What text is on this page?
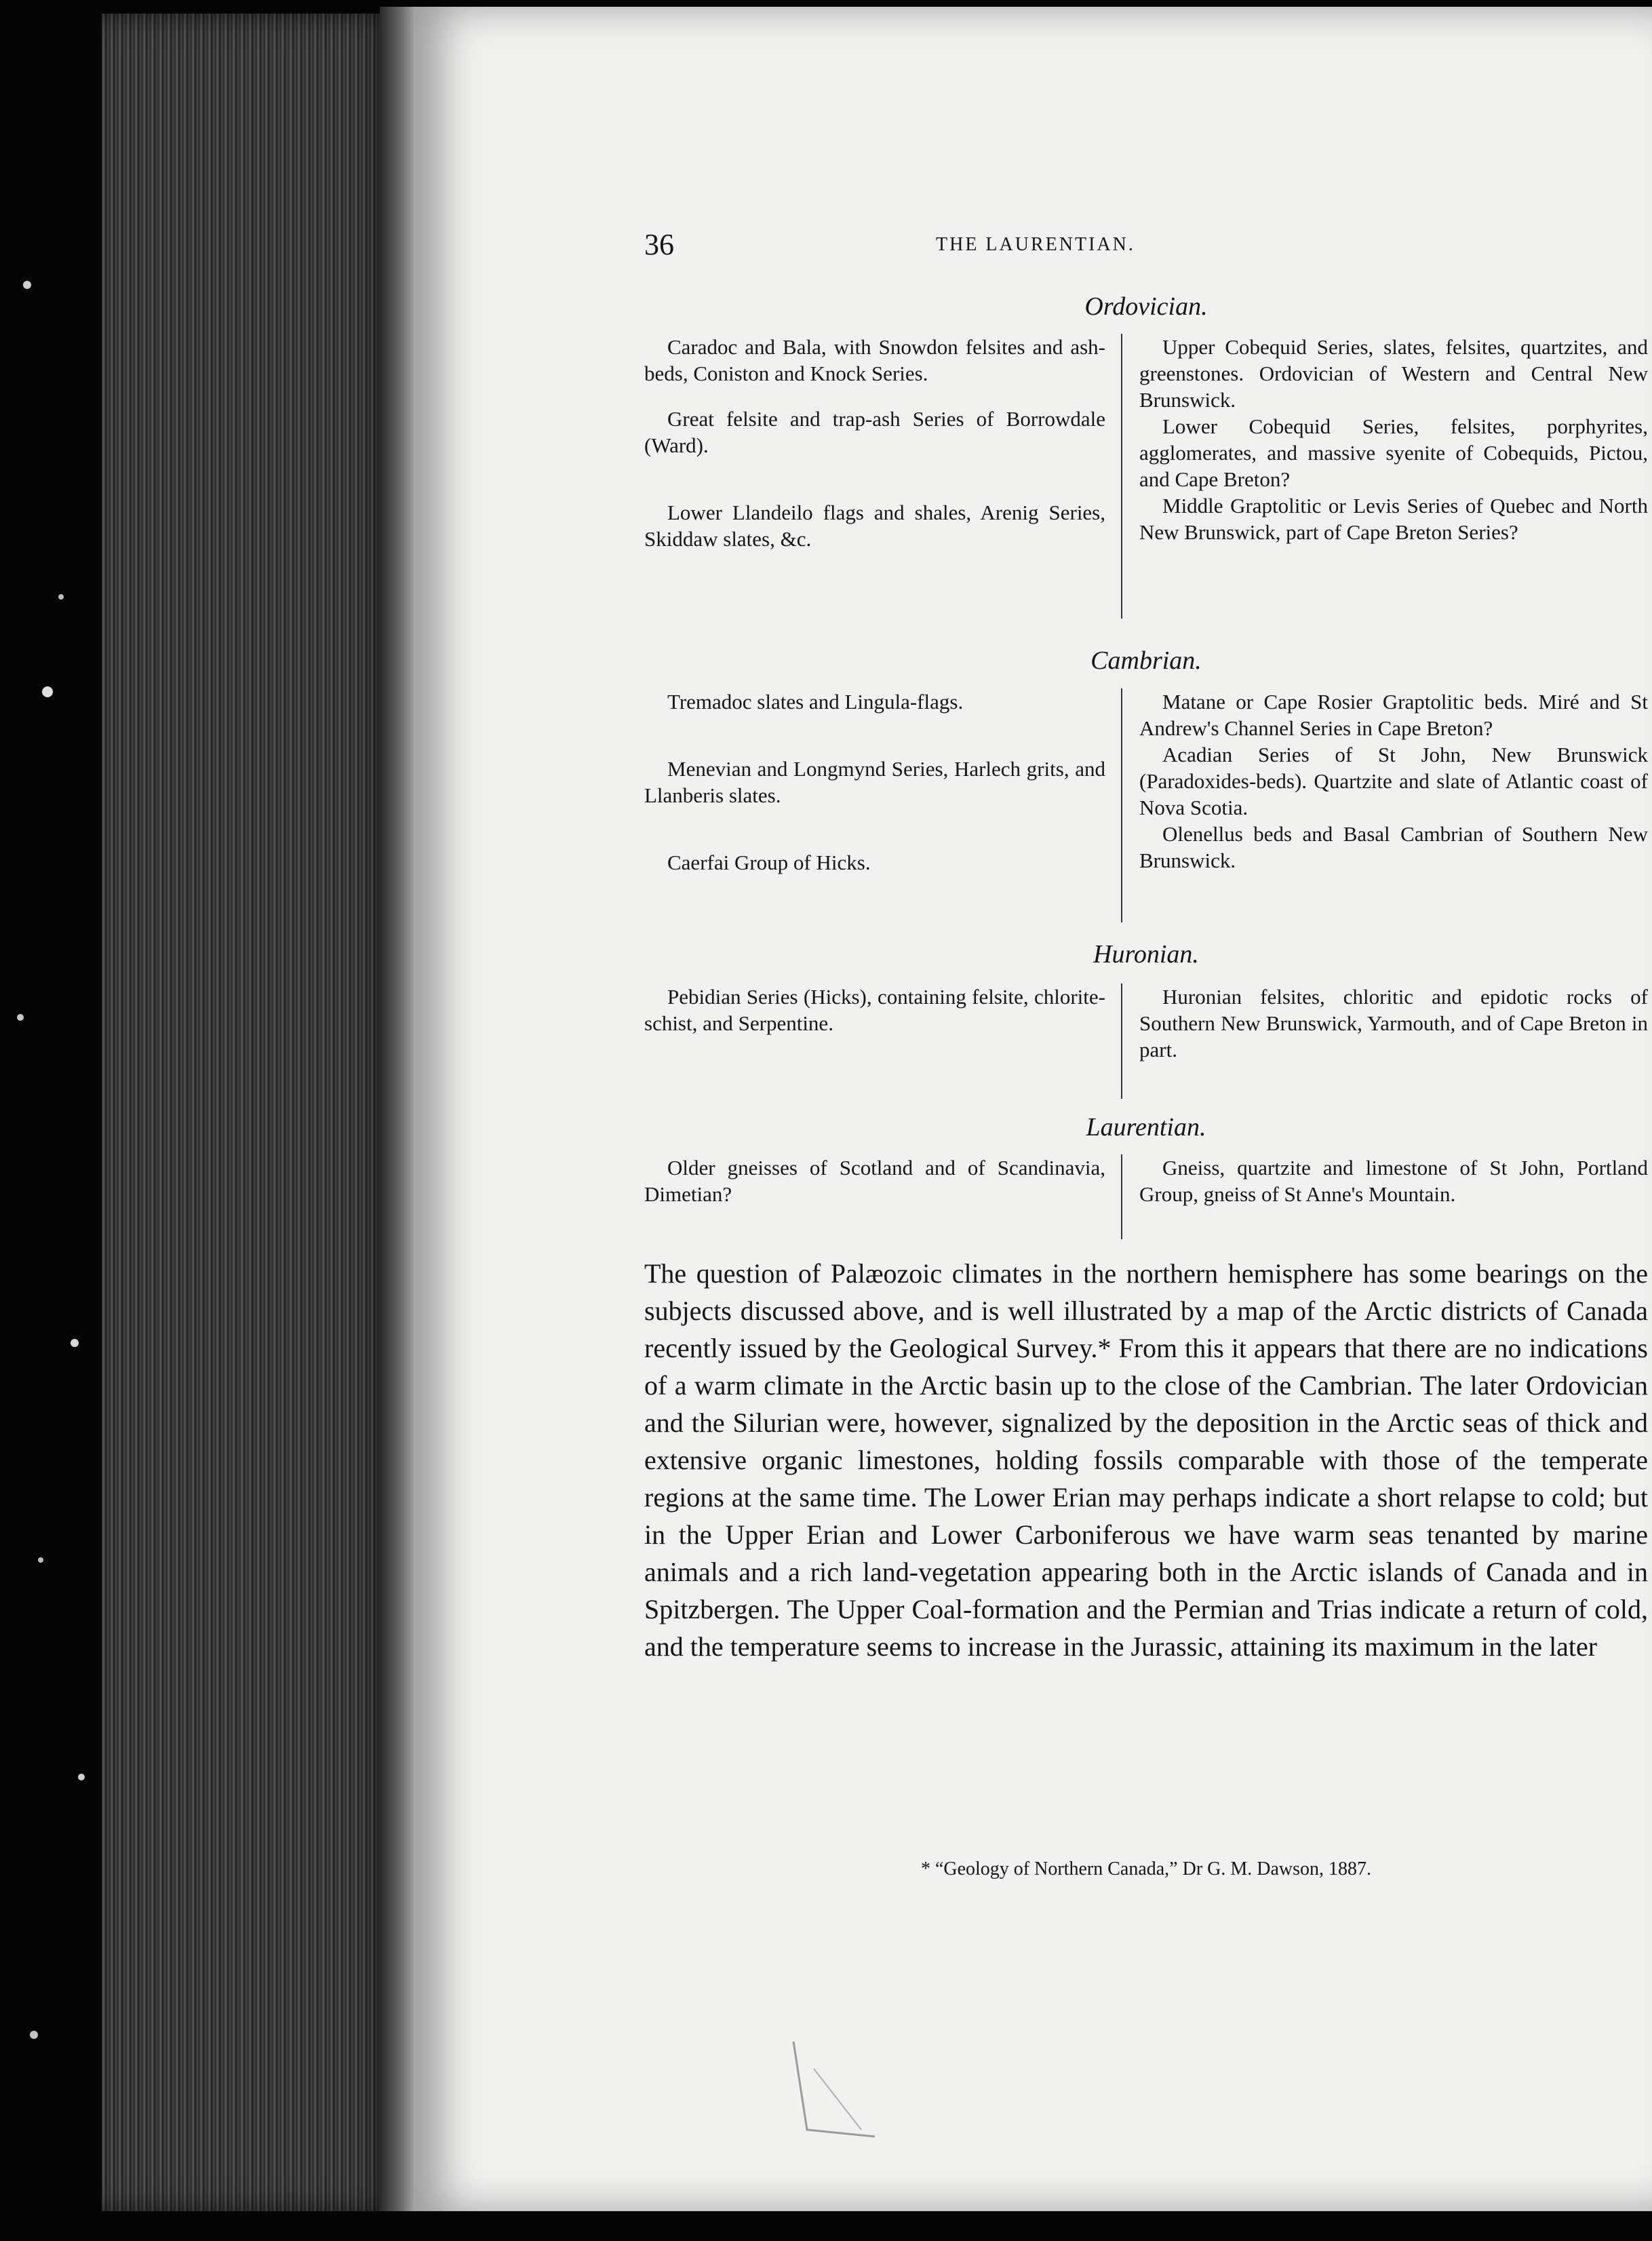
36	THE LAURENTIAN.
Ordovician.

Caradoc and Bala, with Snowdon felsites and ash-beds, Coniston and Knock Series.

Great felsite and trap-ash Series of Borrowdale (Ward).

Lower Llandeilo flags and shales, Arenig Series, Skiddaw slates, &c.

Upper Cobequid Series, slates, felsites, quartzites, and greenstones. Ordovician of Western and Central New Brunswick.

Lower Cobequid Series, felsites, porphyrites, agglomerates, and massive syenite of Cobequids, Pictou, and Cape Breton?

Middle Graptolitic or Levis Series of Quebec and North New Brunswick, part of Cape Breton Series?

Cambrian.

Tremadoc slates and Lingula-flags.

Menevian and Longmynd Series, Harlech grits, and Llanberis slates.

Caerfai Group of Hicks.

Matane or Cape Rosier Graptolitic beds. Miré and St Andrew's Channel Series in Cape Breton?

Acadian Series of St John, New Brunswick (Paradoxides-beds). Quartzite and slate of Atlantic coast of Nova Scotia.

Olenellus beds and Basal Cambrian of Southern New Brunswick.

Huronian.

Pebidian Series (Hicks), containing felsite, chlorite-schist, and Serpentine.

Huronian felsites, chloritic and epidotic rocks of Southern New Brunswick, Yarmouth, and of Cape Breton in part.

Laurentian.

Older gneisses of Scotland and of Scandinavia, Dimetian?

Gneiss, quartzite and limestone of St John, Portland Group, gneiss of St Anne's Mountain.

The question of Palæozoic climates in the northern hemisphere has some bearings on the subjects discussed above, and is well illustrated by a map of the Arctic districts of Canada recently issued by the Geological Survey.* From this it appears that there are no indications of a warm climate in the Arctic basin up to the close of the Cambrian. The later Ordovician and the Silurian were, however, signalized by the deposition in the Arctic seas of thick and extensive organic limestones, holding fossils comparable with those of the temperate regions at the same time. The Lower Erian may perhaps indicate a short relapse to cold; but in the Upper Erian and Lower Carboniferous we have warm seas tenanted by marine animals and a rich land-vegetation appearing both in the Arctic islands of Canada and in Spitzbergen. The Upper Coal-formation and the Permian and Trias indicate a return of cold, and the temperature seems to increase in the Jurassic, attaining its maximum in the later

* “Geology of Northern Canada,” Dr G. M. Dawson, 1887.
